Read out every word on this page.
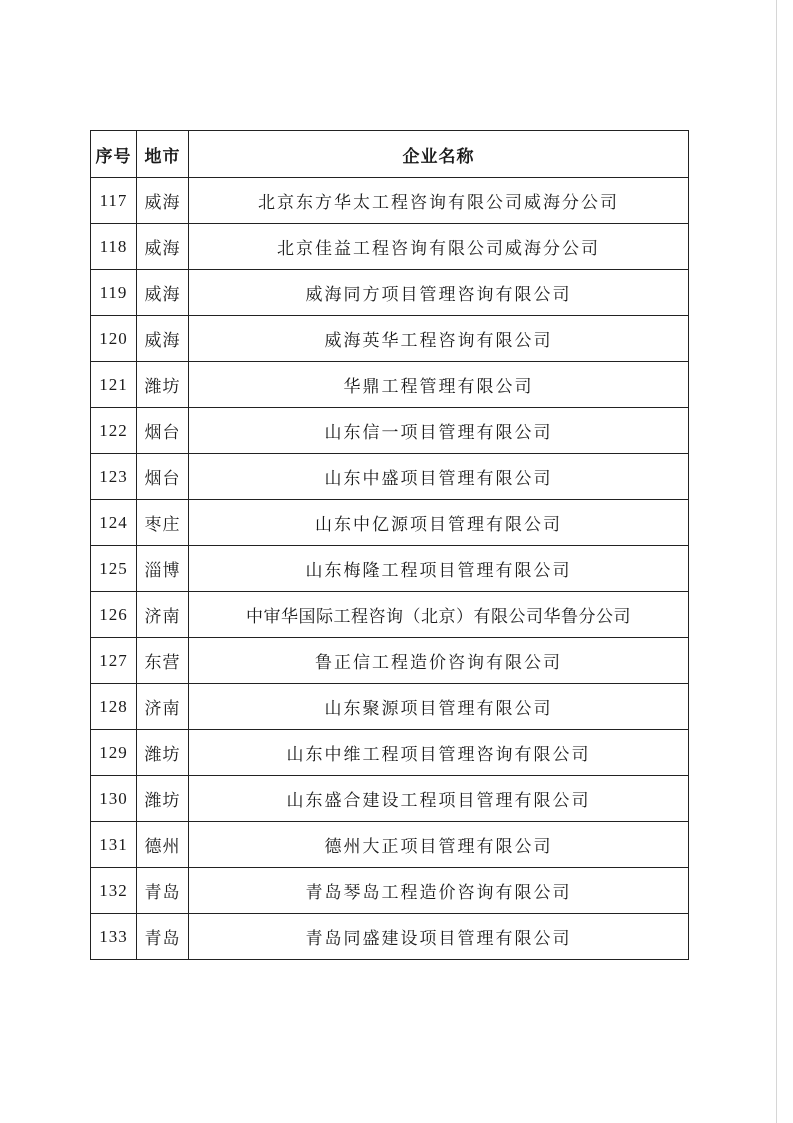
序号	地市	企业名称
117	威海	北京东方华太工程咨询有限公司威海分公司
118	威海	北京佳益工程咨询有限公司威海分公司
119	威海	威海同方项目管理咨询有限公司
120	威海	威海英华工程咨询有限公司
121	潍坊	华鼎工程管理有限公司
122	烟台	山东信一项目管理有限公司
123	烟台	山东中盛项目管理有限公司
124	枣庄	山东中亿源项目管理有限公司
125	淄博	山东梅隆工程项目管理有限公司
126	济南	中审华国际工程咨询（北京）有限公司华鲁分公司
127	东营	鲁正信工程造价咨询有限公司
128	济南	山东聚源项目管理有限公司
129	潍坊	山东中维工程项目管理咨询有限公司
130	潍坊	山东盛合建设工程项目管理有限公司
131	德州	德州大正项目管理有限公司
132	青岛	青岛琴岛工程造价咨询有限公司
133	青岛	青岛同盛建设项目管理有限公司
